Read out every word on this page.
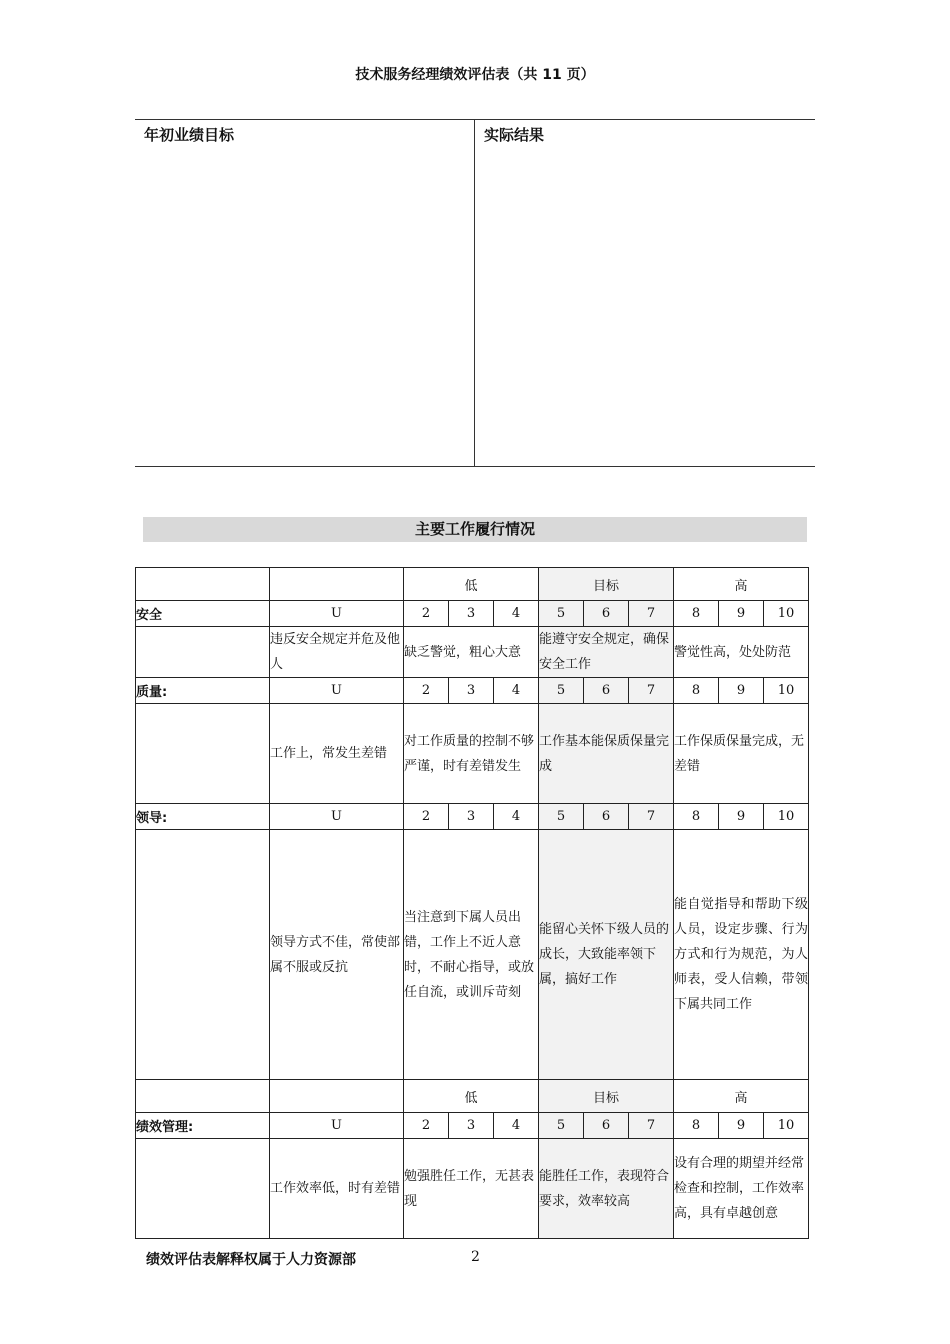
技术服务经理绩效评估表（共 11 页）
年初业绩目标	实际结果
主要工作履行情况
		低			目标			高		
安全	U	2	3	4	5	6	7	8	9	10
	违反安全规定并危及他人	缺乏警觉，粗心大意			能遵守安全规定，确保安全工作			警觉性高，处处防范		
质量:	U	2	3	4	5	6	7	8	9	10
	工作上，常发生差错	对工作质量的控制不够严谨，时有差错发生			工作基本能保质保量完成			工作保质保量完成，无差错		
领导:	U	2	3	4	5	6	7	8	9	10
	领导方式不佳，常使部属不服或反抗	当注意到下属人员出错，工作上不近人意时，不耐心指导，或放任自流，或训斥苛刻			能留心关怀下级人员的成长，大致能率领下属，搞好工作			能自觉指导和帮助下级人员，设定步骤、行为方式和行为规范，为人师表，受人信赖，带领下属共同工作		
		低			目标			高		
绩效管理:	U	2	3	4	5	6	7	8	9	10
	工作效率低，时有差错	勉强胜任工作，无甚表现			能胜任工作，表现符合要求，效率较高			设有合理的期望并经常检查和控制，工作效率高，具有卓越创意		
绩效评估表解释权属于人力资源部	2
